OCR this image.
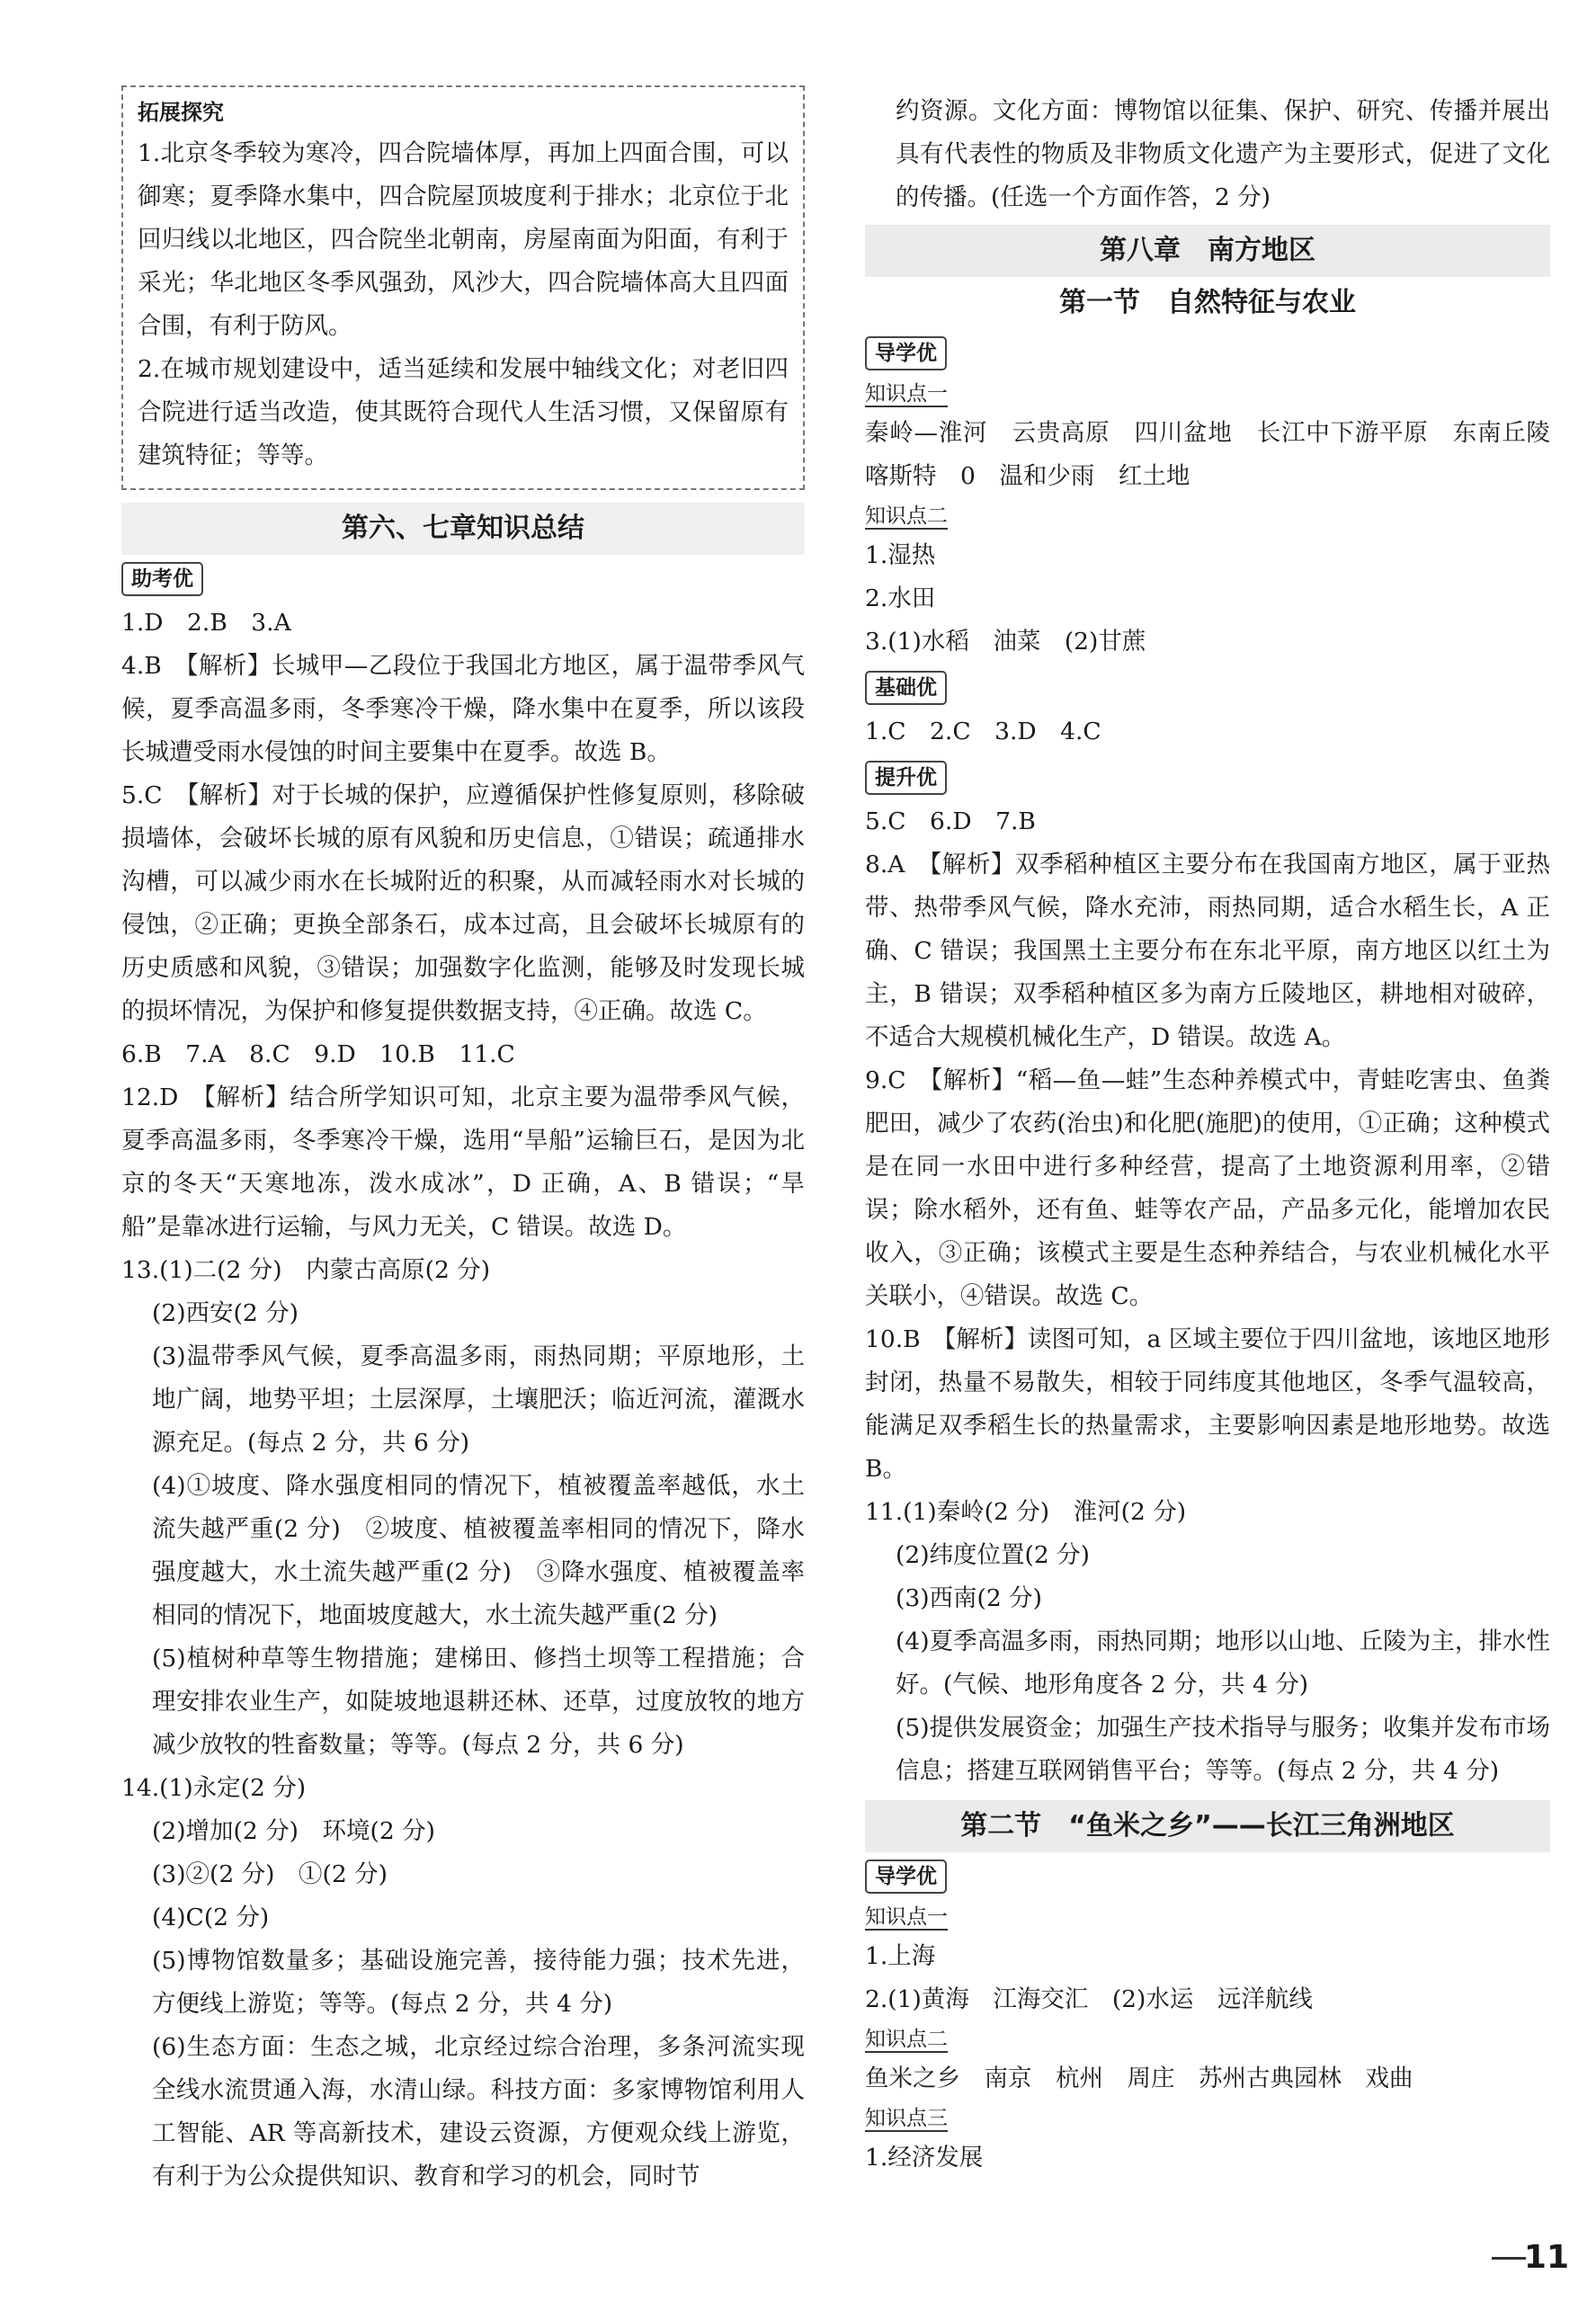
拓展探究

1.北京冬季较为寒冷，四合院墙体厚，再加上四面合围，可以御寒；夏季降水集中，四合院屋顶坡度利于排水；北京位于北回归线以北地区，四合院坐北朝南，房屋南面为阳面，有利于采光；华北地区冬季风强劲，风沙大，四合院墙体高大且四面合围，有利于防风。

2.在城市规划建设中，适当延续和发展中轴线文化；对老旧四合院进行适当改造，使其既符合现代人生活习惯，又保留原有建筑特征；等等。

第六、七章知识总结

助考优

1.D　2.B　3.A

4.B　【解析】长城甲—乙段位于我国北方地区，属于温带季风气候，夏季高温多雨，冬季寒冷干燥，降水集中在夏季，所以该段长城遭受雨水侵蚀的时间主要集中在夏季。故选 B。

5.C　【解析】对于长城的保护，应遵循保护性修复原则，移除破损墙体，会破坏长城的原有风貌和历史信息，①错误；疏通排水沟槽，可以减少雨水在长城附近的积聚，从而减轻雨水对长城的侵蚀，②正确；更换全部条石，成本过高，且会破坏长城原有的历史质感和风貌，③错误；加强数字化监测，能够及时发现长城的损坏情况，为保护和修复提供数据支持，④正确。故选 C。

6.B　7.A　8.C　9.D　10.B　11.C

12.D　【解析】结合所学知识可知，北京主要为温带季风气候，夏季高温多雨，冬季寒冷干燥，选用“旱船”运输巨石，是因为北京的冬天“天寒地冻，泼水成冰”，D 正确，A、B 错误；“旱船”是靠冰进行运输，与风力无关，C 错误。故选 D。

13.(1)二(2 分)　内蒙古高原(2 分)

(2)西安(2 分)

(3)温带季风气候，夏季高温多雨，雨热同期；平原地形，土地广阔，地势平坦；土层深厚，土壤肥沃；临近河流，灌溉水源充足。(每点 2 分，共 6 分)

(4)①坡度、降水强度相同的情况下，植被覆盖率越低，水土流失越严重(2 分)　②坡度、植被覆盖率相同的情况下，降水强度越大，水土流失越严重(2 分)　③降水强度、植被覆盖率相同的情况下，地面坡度越大，水土流失越严重(2 分)

(5)植树种草等生物措施；建梯田、修挡土坝等工程措施；合理安排农业生产，如陡坡地退耕还林、还草，过度放牧的地方减少放牧的牲畜数量；等等。(每点 2 分，共 6 分)

14.(1)永定(2 分)

(2)增加(2 分)　环境(2 分)

(3)②(2 分)　①(2 分)

(4)C(2 分)

(5)博物馆数量多；基础设施完善，接待能力强；技术先进，方便线上游览；等等。(每点 2 分，共 4 分)

(6)生态方面：生态之城，北京经过综合治理，多条河流实现全线水流贯通入海，水清山绿。科技方面：多家博物馆利用人工智能、AR 等高新技术，建设云资源，方便观众线上游览，有利于为公众提供知识、教育和学习的机会，同时节

约资源。文化方面：博物馆以征集、保护、研究、传播并展出具有代表性的物质及非物质文化遗产为主要形式，促进了文化的传播。(任选一个方面作答，2 分)

第八章　南方地区

第一节　自然特征与农业

导学优

知识点一

秦岭—淮河　云贵高原　四川盆地　长江中下游平原　东南丘陵　喀斯特　0　温和少雨　红土地

知识点二

1.湿热

2.水田

3.(1)水稻　油菜　(2)甘蔗

基础优

1.C　2.C　3.D　4.C

提升优

5.C　6.D　7.B

8.A　【解析】双季稻种植区主要分布在我国南方地区，属于亚热带、热带季风气候，降水充沛，雨热同期，适合水稻生长，A 正确、C 错误；我国黑土主要分布在东北平原，南方地区以红土为主，B 错误；双季稻种植区多为南方丘陵地区，耕地相对破碎，不适合大规模机械化生产，D 错误。故选 A。

9.C　【解析】“稻—鱼—蛙”生态种养模式中，青蛙吃害虫、鱼粪肥田，减少了农药(治虫)和化肥(施肥)的使用，①正确；这种模式是在同一水田中进行多种经营，提高了土地资源利用率，②错误；除水稻外，还有鱼、蛙等农产品，产品多元化，能增加农民收入，③正确；该模式主要是生态种养结合，与农业机械化水平关联小，④错误。故选 C。

10.B　【解析】读图可知，a 区域主要位于四川盆地，该地区地形封闭，热量不易散失，相较于同纬度其他地区，冬季气温较高，能满足双季稻生长的热量需求，主要影响因素是地形地势。故选 B。

11.(1)秦岭(2 分)　淮河(2 分)

(2)纬度位置(2 分)

(3)西南(2 分)

(4)夏季高温多雨，雨热同期；地形以山地、丘陵为主，排水性好。(气候、地形角度各 2 分，共 4 分)

(5)提供发展资金；加强生产技术指导与服务；收集并发布市场信息；搭建互联网销售平台；等等。(每点 2 分，共 4 分)

第二节　“鱼米之乡”——长江三角洲地区

导学优

知识点一

1.上海

2.(1)黄海　江海交汇　(2)水运　远洋航线

知识点二

鱼米之乡　南京　杭州　周庄　苏州古典园林　戏曲

知识点三

1.经济发展

11
